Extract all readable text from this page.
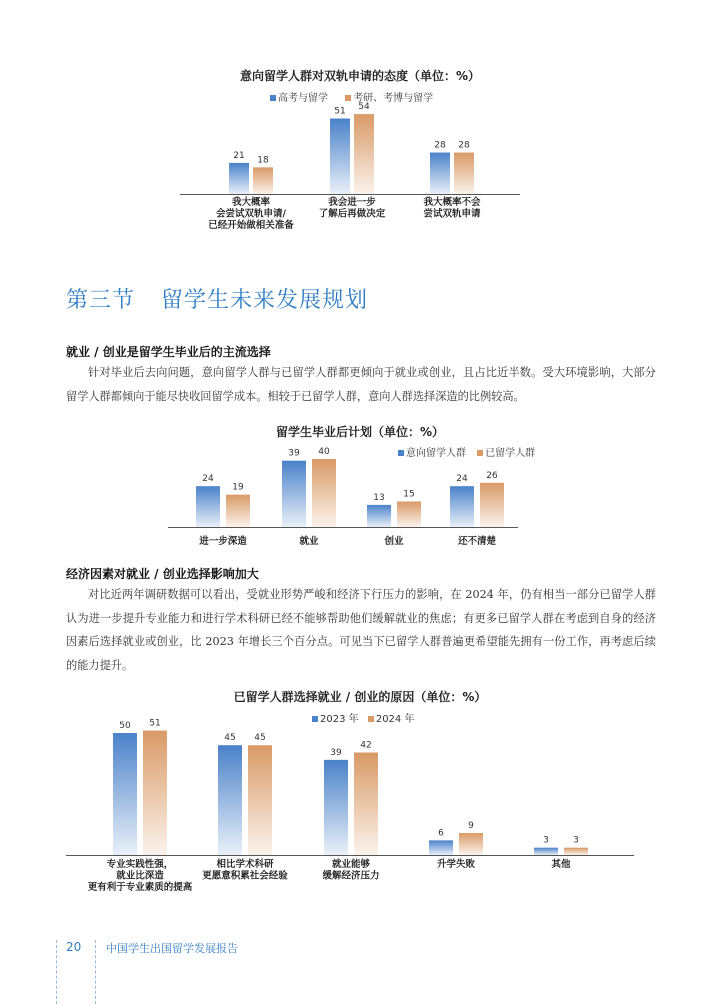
意向留学人群对双轨申请的态度（单位：%）
高考与留学	考研、考博与留学
21 18
我大概率
会尝试双轨申请/
已经开始做相关准备
51 54
我会进一步
了解后再做决定
28 28
我大概率不会
尝试双轨申请
第三节 留学生未来发展规划
就业 / 创业是留学生毕业后的主流选择
针对毕业后去向问题，意向留学人群与已留学人群都更倾向于就业或创业，且占比近半数。受大环境影响，大部分留学人群都倾向于能尽快收回留学成本。相较于已留学人群，意向人群选择深造的比例较高。
留学生毕业后计划（单位：%）
意向留学人群 已留学人群
24
19
进一步深造
39 40
就业
13 15
创业
24 26
还不清楚
经济因素对就业 / 创业选择影响加大
对比近两年调研数据可以看出，受就业形势严峻和经济下行压力的影响，在 2024 年，仍有相当一部分已留学人群认为进一步提升专业能力和进行学术科研已经不能够帮助他们缓解就业的焦虑；有更多已留学人群在考虑到自身的经济因素后选择就业或创业，比 2023 年增长三个百分点。可见当下已留学人群普遍更希望能先拥有一份工作，再考虑后续的能力提升。
已留学人群选择就业 / 创业的原因（单位：%）
2023 年 2024 年
50 51
专业实践性强，
就业比深造
更有利于专业素质的提高
45 45
相比学术科研
更愿意积累社会经验
39
42
就业能够
缓解经济压力
6
9
升学失败
3	3
其他
20 中国学生出国留学发展报告
